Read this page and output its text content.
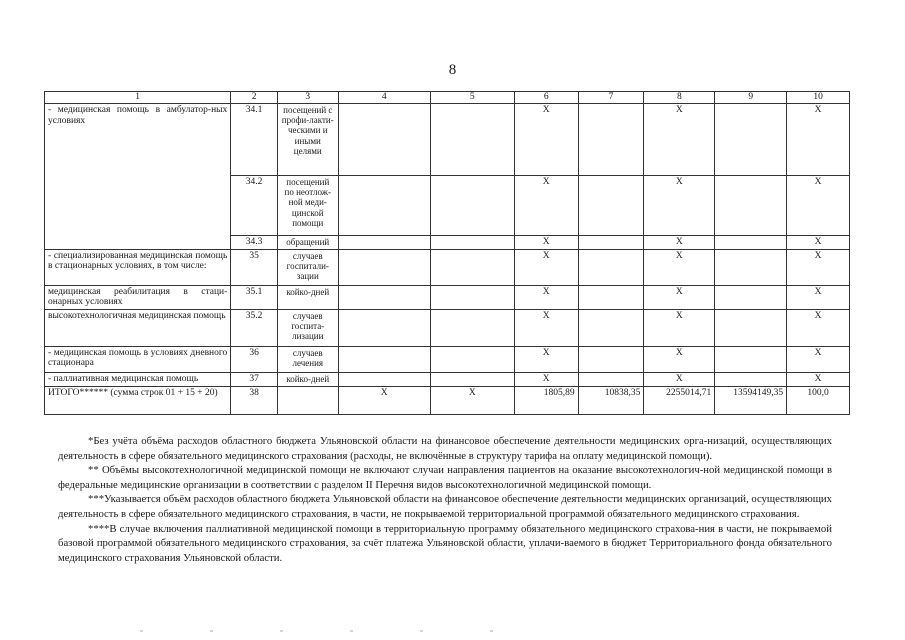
8
1	2	3	4	5	6	7	8	9	10
- медицинская помощь в амбулатор-ных условиях	34.1	посещений с профи-лакти-ческими и иными целями			X		X		X
	34.2	посещений по неотлож-ной меди-цинской помощи			X		X		X
	34.3	обращений			X		X		X
- специализированная медицинская помощь в стационарных условиях, в том числе:	35	случаев госпитали-зации			X		X		X
медицинская реабилитация в стаци-онарных условиях	35.1	койко-дней			X		X		X
высокотехнологичная медицинская помощь	35.2	случаев госпита-лизации			X		X		X
- медицинская помощь в условиях дневного стационара	36	случаев лечения			X		X		X
- паллиативная медицинская помощь	37	койко-дней			X		X		X
ИТОГО****** (сумма строк 01 + 15 + 20)	38		X	X	1805,89	10838,35	2255014,71	13594149,35	100,0

*Без учёта объёма расходов областного бюджета Ульяновской области на финансовое обеспечение деятельности медицинских орга-низаций, осуществляющих деятельность в сфере обязательного медицинского страхования (расходы, не включённые в структуру тарифа на оплату медицинской помощи).

** Объёмы высокотехнологичной медицинской помощи не включают случаи направления пациентов на оказание высокотехнологич-ной медицинской помощи в федеральные медицинские организации в соответствии с разделом II Перечня видов высокотехнологичной медицинской помощи.

***Указывается объём расходов областного бюджета Ульяновской области на финансовое обеспечение деятельности медицинских организаций, осуществляющих деятельность в сфере обязательного медицинского страхования, в части, не покрываемой территориальной программой обязательного медицинского страхования.

****В случае включения паллиативной медицинской помощи в территориальную программу обязательного медицинского страхова-ния в части, не покрываемой базовой программой обязательного медицинского страхования, за счёт платежа Ульяновской области, уплачи-ваемого в бюджет Территориального фонда обязательного медицинского страхования Ульяновской области.
